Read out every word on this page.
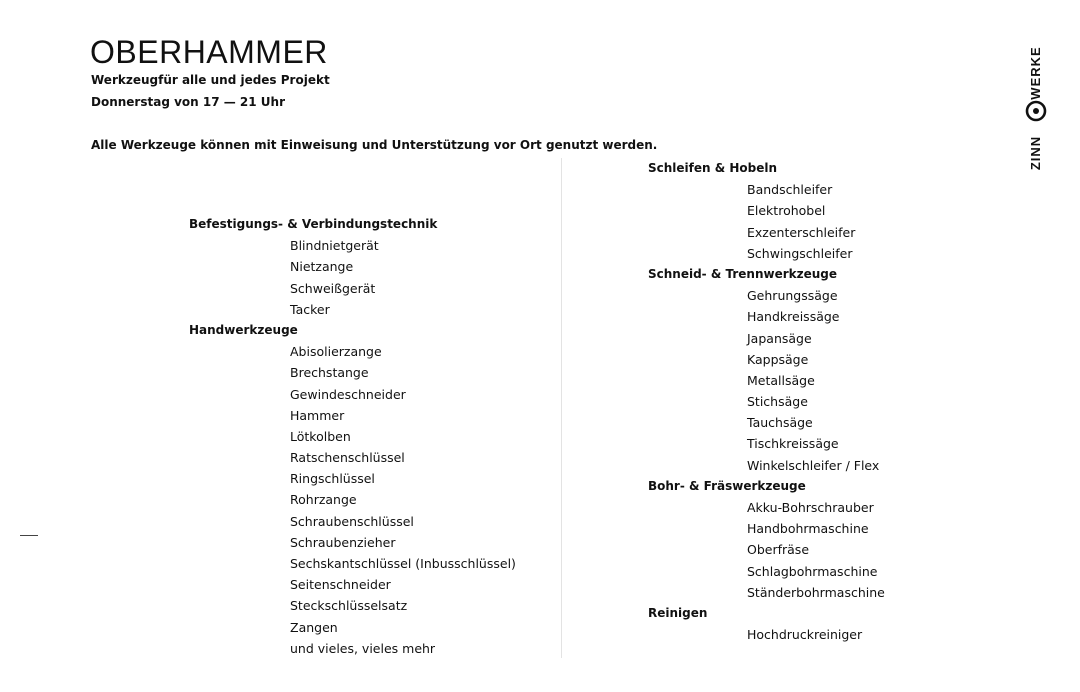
OBERHAMMER

Werkzeugfür alle und jedes Projekt

Donnerstag von 17 — 21 Uhr

Alle Werkzeuge können mit Einweisung und Unterstützung vor Ort genutzt werden.

WERKE
ZINN
Befestigungs- & Verbindungstechnik
Blindnietgerät
Nietzange
Schweißgerät
Tacker
Handwerkzeuge
Abisolierzange
Brechstange
Gewindeschneider
Hammer
Lötkolben
Ratschenschlüssel
Ringschlüssel
Rohrzange
Schraubenschlüssel
Schraubenzieher
Sechskantschlüssel (Inbusschlüssel)
Seitenschneider
Steckschlüsselsatz
Zangen
und vieles, vieles mehr
Schleifen & Hobeln
Bandschleifer
Elektrohobel
Exzenterschleifer
Schwingschleifer
Schneid- & Trennwerkzeuge
Gehrungssäge
Handkreissäge
Japansäge
Kappsäge
Metallsäge
Stichsäge
Tauchsäge
Tischkreissäge
Winkelschleifer / Flex
Bohr- & Fräswerkzeuge
Akku-Bohrschrauber
Handbohrmaschine
Oberfräse
Schlagbohrmaschine
Ständerbohrmaschine
Reinigen
Hochdruckreiniger
